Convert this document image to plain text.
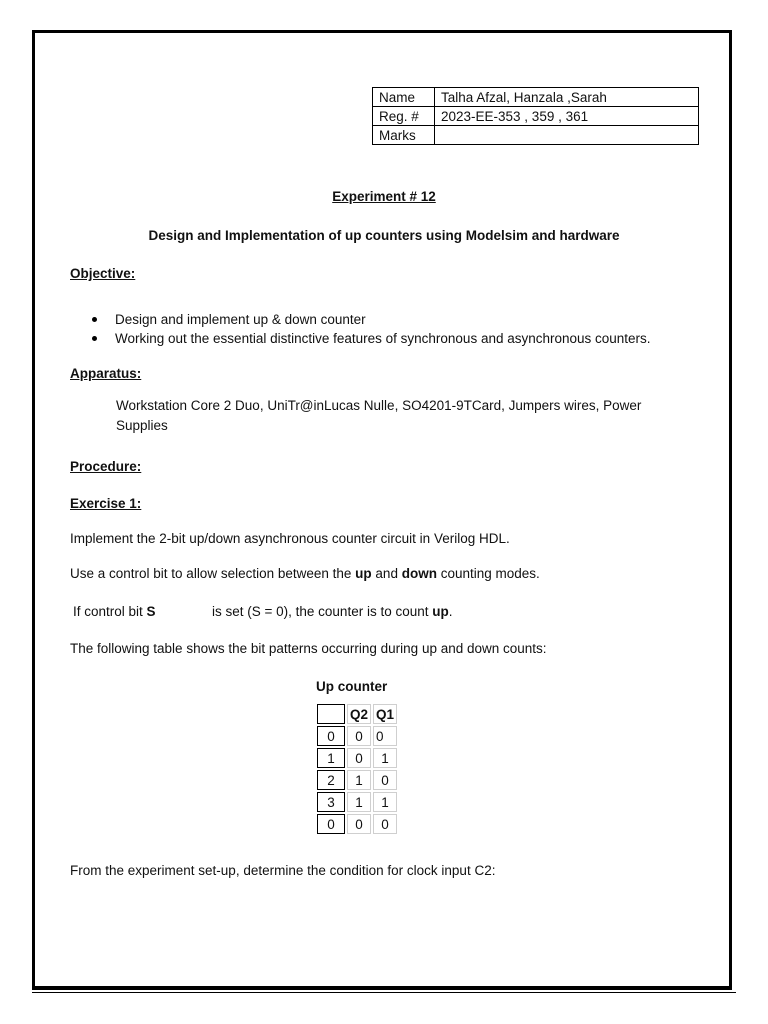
Name	Talha Afzal, Hanzala ,Sarah
Reg. #	2023-EE-353 , 359 , 361
Marks	
Experiment # 12
Design and Implementation of up counters using Modelsim and hardware
Objective:
Design and implement up & down counter
Working out the essential distinctive features of synchronous and asynchronous counters.
Apparatus:
Workstation Core 2 Duo, UniTr@inLucas Nulle, SO4201-9TCard, Jumpers wires, Power
Supplies
Procedure:
Exercise 1:
Implement the 2-bit up/down asynchronous counter circuit in Verilog HDL.
Use a control bit to allow selection between the up and down counting modes.
If control bit S	is set (S = 0), the counter is to count up.
The following table shows the bit patterns occurring during up and down counts:
Up counter
	Q2	Q1
0	0	0
1	0	1
2	1	0
3	1	1
0	0	0
From the experiment set-up, determine the condition for clock input C2:
